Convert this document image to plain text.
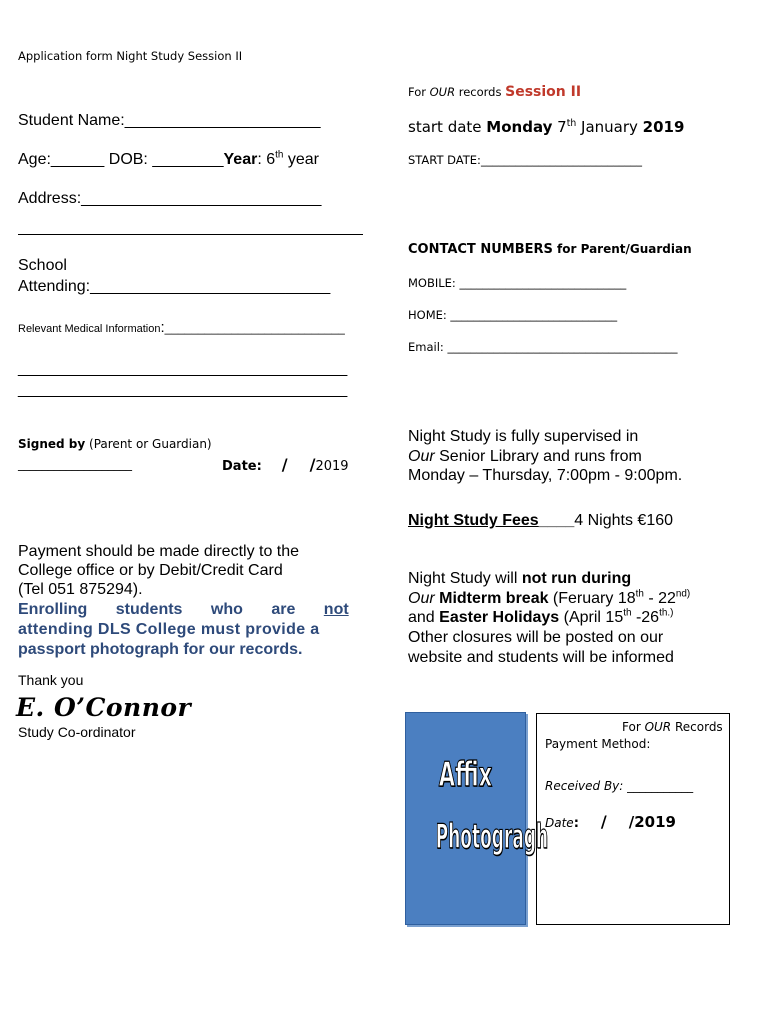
Application form Night Study Session II
For OUR records Session II
Student Name:______________________	start date Monday 7th January 2019
Age:______ DOB: ________Year: 6th year	START DATE:____________________________
Address:___________________________
CONTACT NUMBERS for Parent/Guardian
School
Attending:___________________________	MOBILE: _____________________________
HOME: _____________________________
Relevant Medical Information:___________________________
Email: ________________________________________
_____________________________________
_____________________________________
Signed by (Parent or Guardian)
___________________	Date: / /2019
Night Study is fully supervised in
Our Senior Library and runs from
Monday – Thursday, 7:00pm - 9:00pm.
Night Study Fees____4 Nights €160
Payment should be made directly to the
College office or by Debit/Credit Card
(Tel 051 875294).
Enrolling students who are not
attending DLS College must provide a
passport photograph for our records.
Night Study will not run during
Our Midterm break (Feruary $18th - 22^{nd)}$
and Easter Holidays (April 15th $-26^{th.)}$
Other closures will be posted on our
website and students will be informed
Thank you
E. O’Connor
Study Co-ordinator
Affix
Photogragh
For OUR Records
Payment Method:
Received By: ___________
Date: / /2019
